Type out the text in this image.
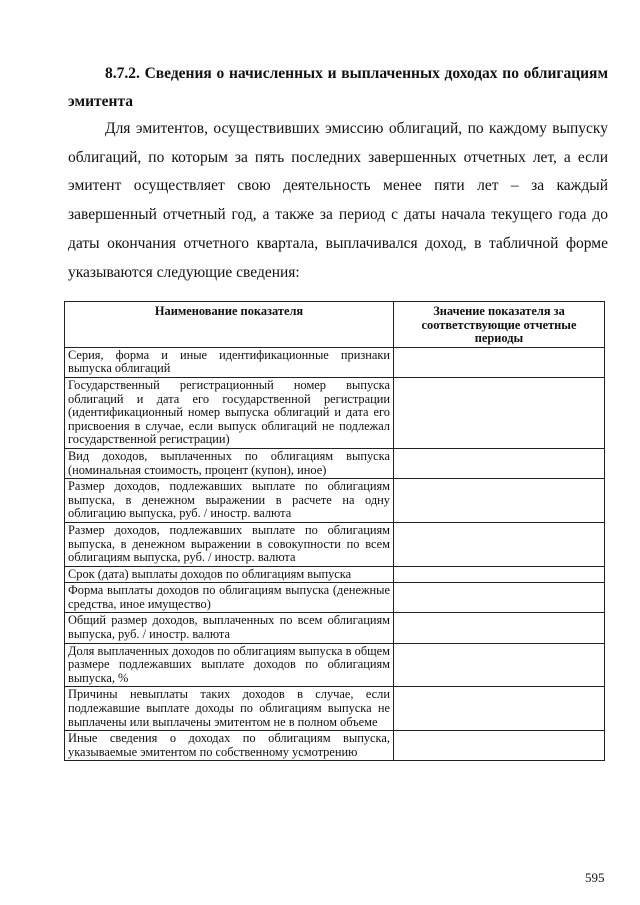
8.7.2. Сведения о начисленных и выплаченных доходах по облигациям эмитента
Для эмитентов, осуществивших эмиссию облигаций, по каждому выпуску облигаций, по которым за пять последних завершенных отчетных лет, а если эмитент осуществляет свою деятельность менее пяти лет – за каждый завершенный отчетный год, а также за период с даты начала текущего года до даты окончания отчетного квартала, выплачивался доход, в табличной форме указываются следующие сведения:
Наименование показателя	Значение показателя за соответствующие отчетные периоды
Серия, форма и иные идентификационные признаки выпуска облигаций	
Государственный регистрационный номер выпуска облигаций и дата его государственной регистрации (идентификационный номер выпуска облигаций и дата его присвоения в случае, если выпуск облигаций не подлежал государственной регистрации)	
Вид доходов, выплаченных по облигациям выпуска (номинальная стоимость, процент (купон), иное)	
Размер доходов, подлежавших выплате по облигациям выпуска, в денежном выражении в расчете на одну облигацию выпуска, руб. / иностр. валюта	
Размер доходов, подлежавших выплате по облигациям выпуска, в денежном выражении в совокупности по всем облигациям выпуска, руб. / иностр. валюта	
Срок (дата) выплаты доходов по облигациям выпуска	
Форма выплаты доходов по облигациям выпуска (денежные средства, иное имущество)	
Общий размер доходов, выплаченных по всем облигациям выпуска, руб. / иностр. валюта	
Доля выплаченных доходов по облигациям выпуска в общем размере подлежавших выплате доходов по облигациям выпуска, %	
Причины невыплаты таких доходов в случае, если подлежавшие выплате доходы по облигациям выпуска не выплачены или выплачены эмитентом не в полном объеме	
Иные сведения о доходах по облигациям выпуска, указываемые эмитентом по собственному усмотрению	
595
